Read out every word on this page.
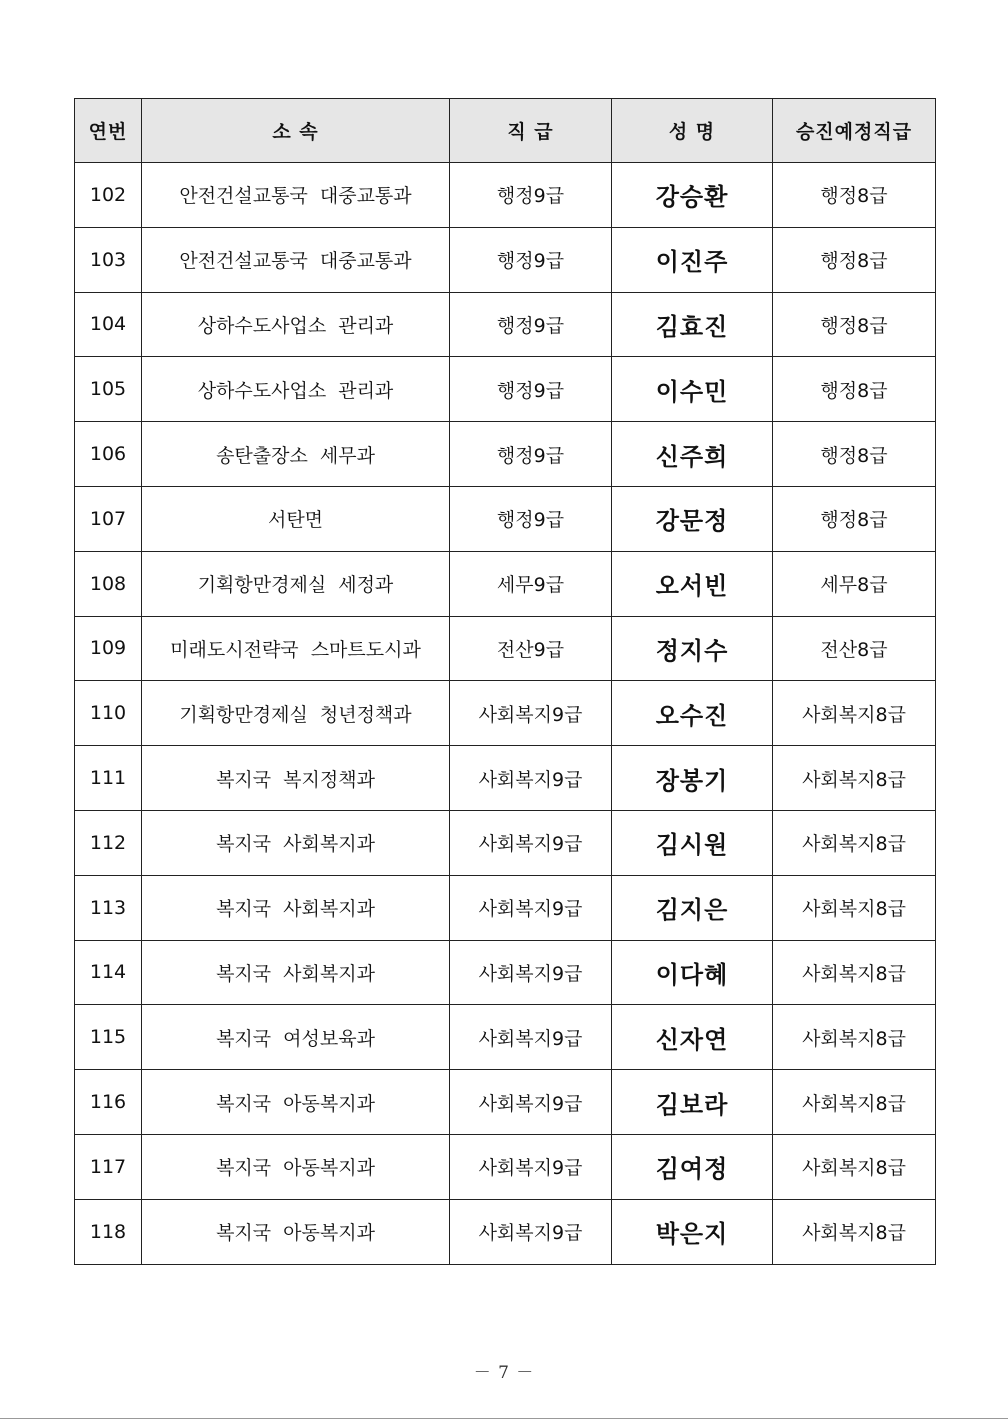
연번	소 속	직 급	성 명	승진예정직급
102	안전건설교통국 대중교통과	행정9급	강승환	행정8급
103	안전건설교통국 대중교통과	행정9급	이진주	행정8급
104	상하수도사업소 관리과	행정9급	김효진	행정8급
105	상하수도사업소 관리과	행정9급	이수민	행정8급
106	송탄출장소 세무과	행정9급	신주희	행정8급
107	서탄면	행정9급	강문정	행정8급
108	기획항만경제실 세정과	세무9급	오서빈	세무8급
109	미래도시전략국 스마트도시과	전산9급	정지수	전산8급
110	기획항만경제실 청년정책과	사회복지9급	오수진	사회복지8급
111	복지국 복지정책과	사회복지9급	장봉기	사회복지8급
112	복지국 사회복지과	사회복지9급	김시원	사회복지8급
113	복지국 사회복지과	사회복지9급	김지은	사회복지8급
114	복지국 사회복지과	사회복지9급	이다혜	사회복지8급
115	복지국 여성보육과	사회복지9급	신자연	사회복지8급
116	복지국 아동복지과	사회복지9급	김보라	사회복지8급
117	복지국 아동복지과	사회복지9급	김여정	사회복지8급
118	복지국 아동복지과	사회복지9급	박은지	사회복지8급
－ 7 －
